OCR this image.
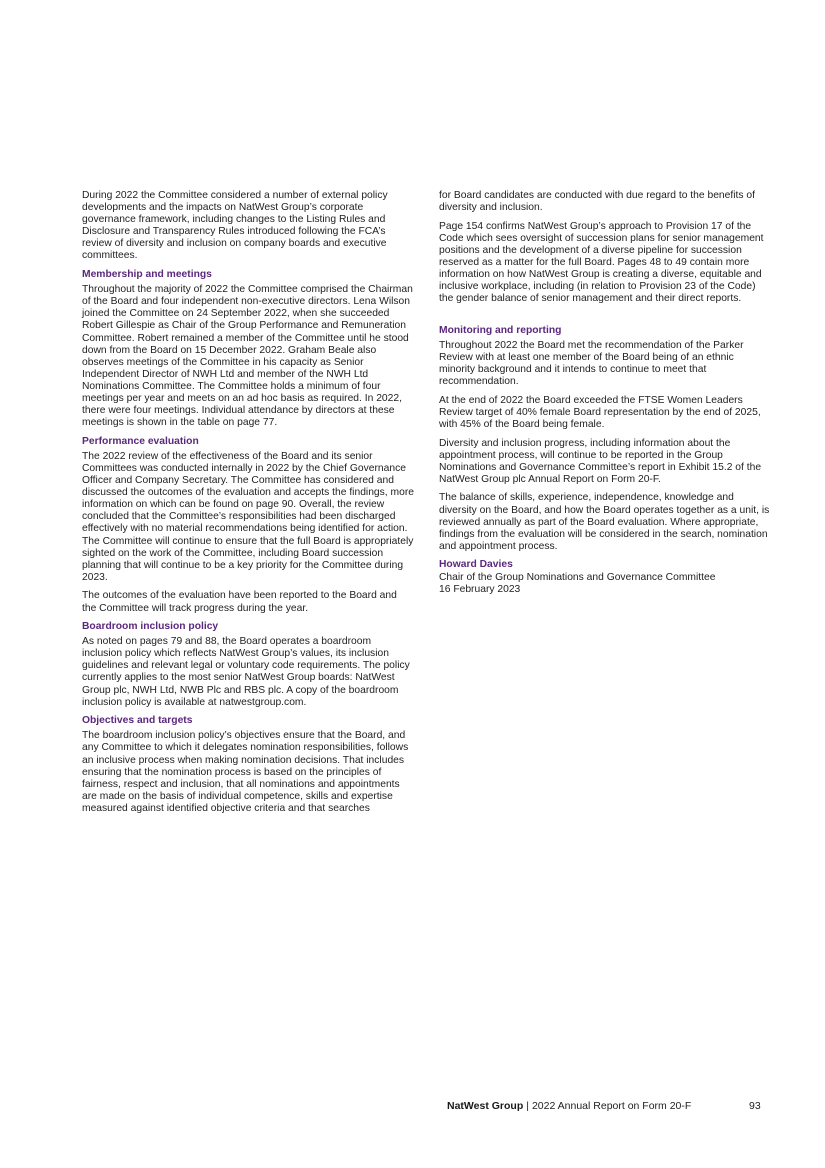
During 2022 the Committee considered a number of external policy developments and the impacts on NatWest Group’s corporate governance framework, including changes to the Listing Rules and Disclosure and Transparency Rules introduced following the FCA’s review of diversity and inclusion on company boards and executive committees.

Membership and meetings

Throughout the majority of 2022 the Committee comprised the Chairman of the Board and four independent non-executive directors. Lena Wilson joined the Committee on 24 September 2022, when she succeeded Robert Gillespie as Chair of the Group Performance and Remuneration Committee. Robert remained a member of the Committee until he stood down from the Board on 15 December 2022. Graham Beale also observes meetings of the Committee in his capacity as Senior Independent Director of NWH Ltd and member of the NWH Ltd Nominations Committee. The Committee holds a minimum of four meetings per year and meets on an ad hoc basis as required. In 2022, there were four meetings. Individual attendance by directors at these meetings is shown in the table on page 77.

Performance evaluation

The 2022 review of the effectiveness of the Board and its senior Committees was conducted internally in 2022 by the Chief Governance Officer and Company Secretary. The Committee has considered and discussed the outcomes of the evaluation and accepts the findings, more information on which can be found on page 90. Overall, the review concluded that the Committee’s responsibilities had been discharged effectively with no material recommendations being identified for action. The Committee will continue to ensure that the full Board is appropriately sighted on the work of the Committee, including Board succession planning that will continue to be a key priority for the Committee during 2023.

The outcomes of the evaluation have been reported to the Board and the Committee will track progress during the year.

Boardroom inclusion policy

As noted on pages 79 and 88, the Board operates a boardroom inclusion policy which reflects NatWest Group’s values, its inclusion guidelines and relevant legal or voluntary code requirements. The policy currently applies to the most senior NatWest Group boards: NatWest Group plc, NWH Ltd, NWB Plc and RBS plc. A copy of the boardroom inclusion policy is available at natwestgroup.com.

Objectives and targets

The boardroom inclusion policy’s objectives ensure that the Board, and any Committee to which it delegates nomination responsibilities, follows an inclusive process when making nomination decisions. That includes ensuring that the nomination process is based on the principles of fairness, respect and inclusion, that all nominations and appointments are made on the basis of individual competence, skills and expertise measured against identified objective criteria and that searches

for Board candidates are conducted with due regard to the benefits of diversity and inclusion.

Page 154 confirms NatWest Group’s approach to Provision 17 of the Code which sees oversight of succession plans for senior management positions and the development of a diverse pipeline for succession reserved as a matter for the full Board. Pages 48 to 49 contain more information on how NatWest Group is creating a diverse, equitable and inclusive workplace, including (in relation to Provision 23 of the Code) the gender balance of senior management and their direct reports.

Monitoring and reporting

Throughout 2022 the Board met the recommendation of the Parker Review with at least one member of the Board being of an ethnic minority background and it intends to continue to meet that recommendation.

At the end of 2022 the Board exceeded the FTSE Women Leaders Review target of 40% female Board representation by the end of 2025, with 45% of the Board being female.

Diversity and inclusion progress, including information about the appointment process, will continue to be reported in the Group Nominations and Governance Committee’s report in Exhibit 15.2 of the NatWest Group plc Annual Report on Form 20-F.

The balance of skills, experience, independence, knowledge and diversity on the Board, and how the Board operates together as a unit, is reviewed annually as part of the Board evaluation. Where appropriate, findings from the evaluation will be considered in the search, nomination and appointment process.

Howard Davies

Chair of the Group Nominations and Governance Committee

16 February 2023

NatWest Group | 2022 Annual Report on Form 20-F	93
